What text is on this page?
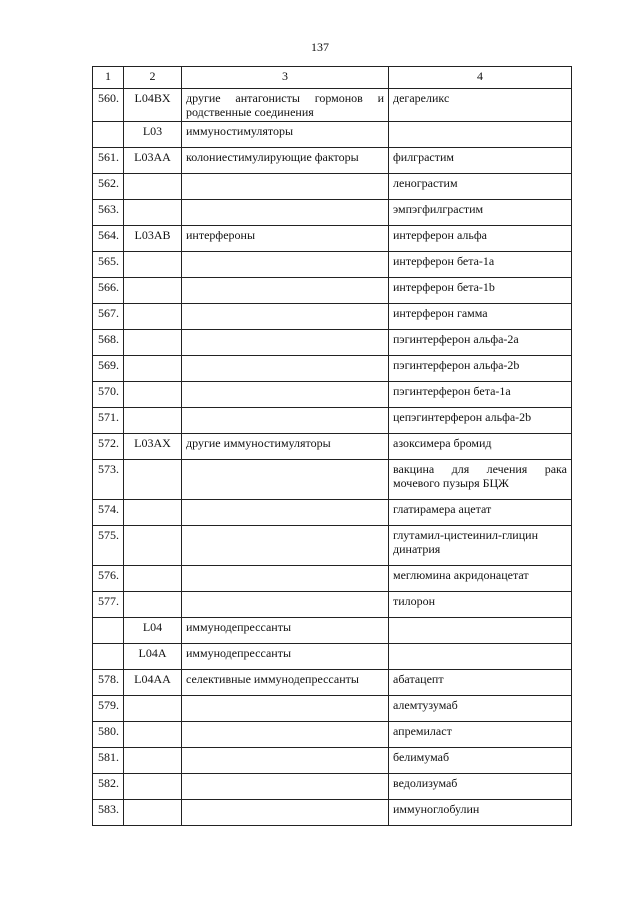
137
1	2	3	4
560.	L04BX	другие антагонисты гормонов и родственные соединения	дегареликс
	L03	иммуностимуляторы	
561.	L03AA	колониестимулирующие факторы	филграстим
562.			ленограстим
563.			эмпэгфилграстим
564.	L03AB	интерфероны	интерферон альфа
565.			интерферон бета-1a
566.			интерферон бета-1b
567.			интерферон гамма
568.			пэгинтерферон альфа-2a
569.			пэгинтерферон альфа-2b
570.			пэгинтерферон бета-1a
571.			цепэгинтерферон альфа-2b
572.	L03AX	другие иммуностимуляторы	азоксимера бромид
573.			вакцина для лечения рака мочевого пузыря БЦЖ
574.			глатирамера ацетат
575.			глутамил-цистеинил-глицин динатрия
576.			меглюмина акридонацетат
577.			тилорон
	L04	иммунодепрессанты	
	L04A	иммунодепрессанты	
578.	L04AA	селективные иммунодепрессанты	абатацепт
579.			алемтузумаб
580.			апремиласт
581.			белимумаб
582.			ведолизумаб
583.			иммуноглобулин
